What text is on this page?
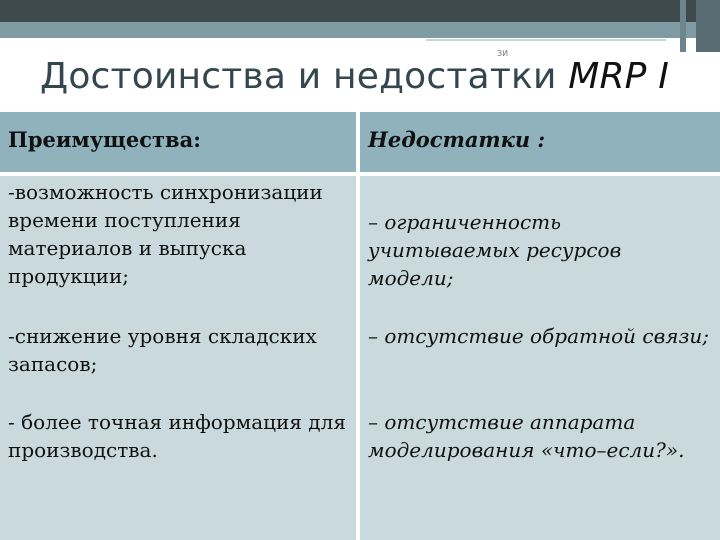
ЗИ
Достоинства и недостатки MRP I
Преимущества:	Недостатки :
-возможность синхронизации времени поступления материалов и выпуска продукции;
-снижение уровня складских запасов;
- более точная информация для производства.
– ограниченность учитываемых ресурсов модели;
– отсутствие обратной связи;
– отсутствие аппарата моделирования «что–если?».
